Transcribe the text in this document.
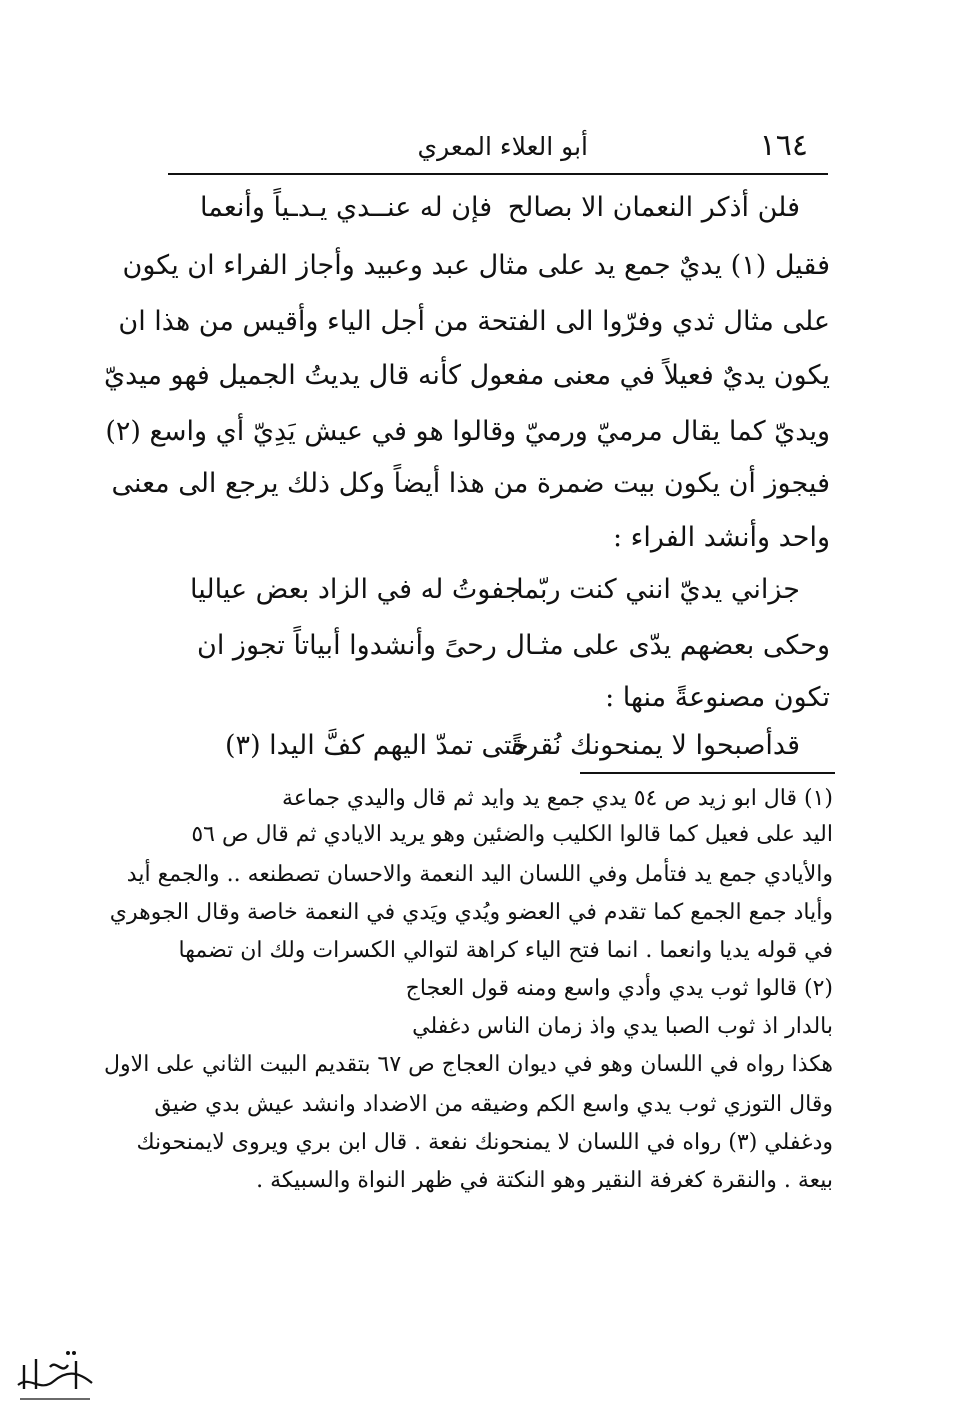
١٦٤
أبو العلاء المعري
فلن أذكر النعمان الا بصالح
فإن له عنــدي يـدـياً وأنعما
فقيل (١) يديٌ جمع يد على مثال عبد وعبيد وأجاز الفراء ان يكون
على مثال ثدي وفرّوا الى الفتحة من أجل الياء وأقيس من هذا ان
يكون يديٌ فعيلاً في معنى مفعول كأنه قال يديتُ الجميل فهو ميديّ
ويديّ كما يقال مرميّ ورميّ وقالوا هو في عيش يَدِيّ أي واسع (٢)
فيجوز أن يكون بيت ضمرة من هذا أيضاً وكل ذلك يرجع الى معنى
واحد وأنشد الفراء :
جزاني يديّ انني كنت ربّما
جفوتُ له في الزاد بعض عياليا
وحكى بعضهم يدّى على مثـال رحىً وأنشدوا أبياتاً تجوز ان
تكون مصنوعةً منها :
قدأصبحوا لا يمنحونك نُقرةً
حتى تمدّ اليهم كفَّ اليدا (٣)
(١) قال ابو زيد ص ٥٤ يدي جمع يد وايد ثم قال واليدي جماعة
اليد على فعيل كما قالوا الكليب والضئين وهو يريد الايادي ثم قال ص ٥٦
والأيادي جمع يد فتأمل وفي اللسان اليد النعمة والاحسان تصطنعه .. والجمع أيد
وأياد جمع الجمع كما تقدم في العضو ويُدي ويَدي في النعمة خاصة وقال الجوهري
في قوله يديا وانعما . انما فتح الياء كراهة لتوالي الكسرات ولك ان تضمها
(٢) قالوا ثوب يدي وأدي واسع ومنه قول العجاج
بالدار اذ ثوب الصبا يدي واذ زمان الناس دغفلي
هكذا رواه في اللسان وهو في ديوان العجاج ص ٦٧ بتقديم البيت الثاني على الاول
وقال التوزي ثوب يدي واسع الكم وضيقه من الاضداد وانشد عيش بدي ضيق
ودغفلي (٣) رواه في اللسان لا يمنحونك نفعة . قال ابن بري ويروى لايمنحونك
بيعة . والنقرة كغرفة النقير وهو النكتة في ظهر النواة والسبيكة .
